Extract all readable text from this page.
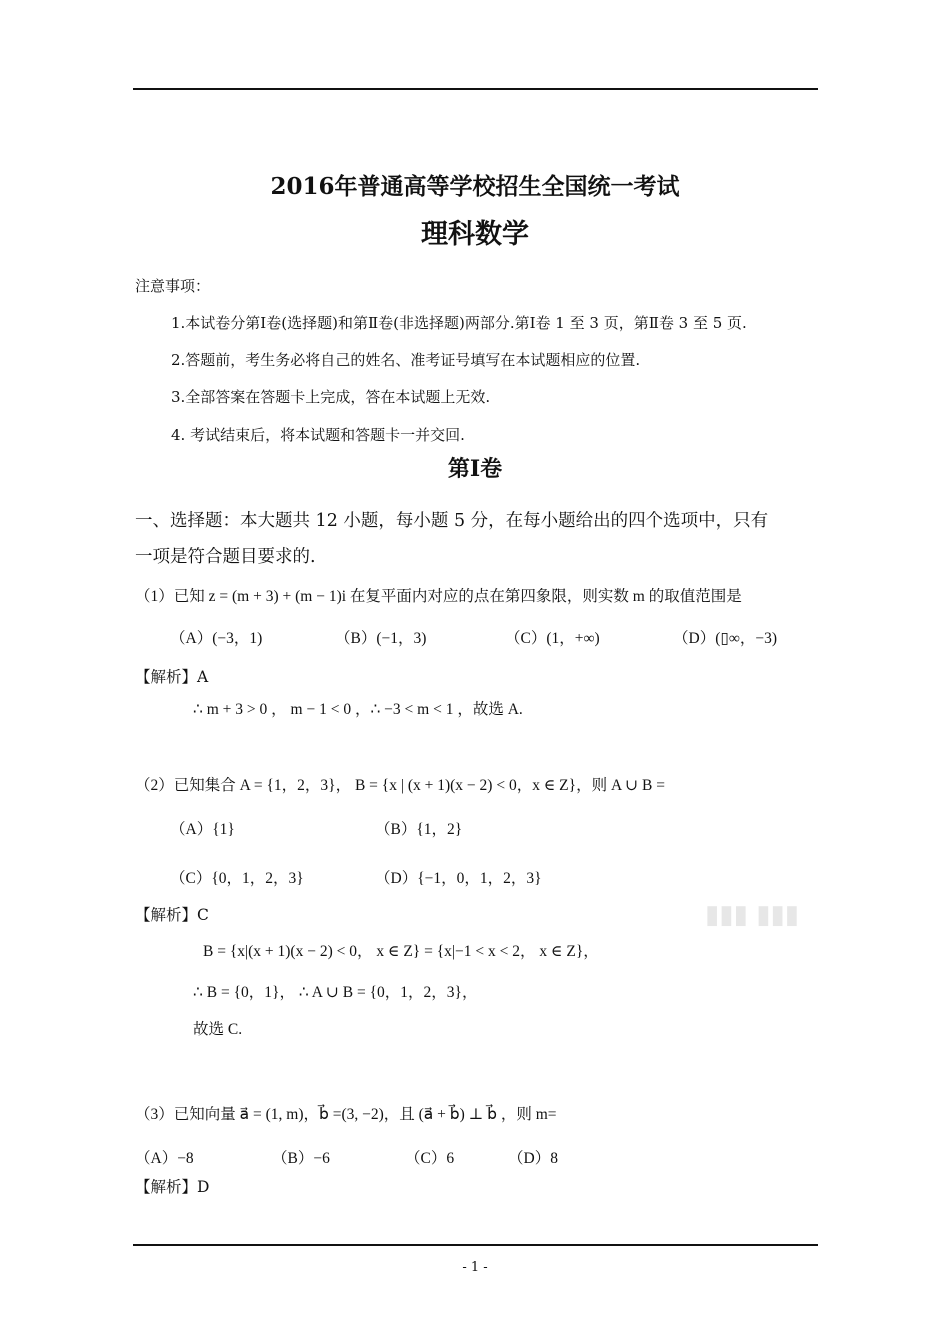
2016年普通高等学校招生全国统一考试
理科数学
注意事项：
1.本试卷分第Ⅰ卷(选择题)和第Ⅱ卷(非选择题)两部分.第Ⅰ卷 1 至 3 页，第Ⅱ卷 3 至 5 页.
2.答题前，考生务必将自己的姓名、准考证号填写在本试题相应的位置.
3.全部答案在答题卡上完成，答在本试题上无效.
4. 考试结束后，将本试题和答题卡一并交回.
第Ⅰ卷
一、选择题：本大题共 12 小题，每小题 5 分，在每小题给出的四个选项中，只有
一项是符合题目要求的.
（1）已知 z = (m + 3) + (m − 1)i 在复平面内对应的点在第四象限，则实数 m 的取值范围是
（A）(−3，1)	（B）(−1，3)	（C）(1，+∞)	（D）(▯∞，−3)
【解析】A
∴ m + 3 > 0 ， m − 1 < 0 ，∴ −3 < m < 1 ，故选 A.
（2）已知集合 A = {1，2，3}， B = {x | (x + 1)(x − 2) < 0，x ∈ Z}，则 A ∪ B =
（A）{1}	（B）{1，2}
（C）{0，1，2，3}	（D）{−1，0，1，2，3}
【解析】C
B = {x|(x + 1)(x − 2) < 0， x ∈ Z} = {x|−1 < x < 2， x ∈ Z}，
∴ B = {0，1}， ∴ A ∪ B = {0，1，2，3}，
故选 C.
▮▮▮ ▮▮▮
（3）已知向量 a⃗ = (1, m)，b⃗ =(3, −2)，且 (a⃗ + b⃗) ⊥ b⃗ ，则 m=
（A）−8	（B）−6	（C）6	（D）8
【解析】D
- 1 -
